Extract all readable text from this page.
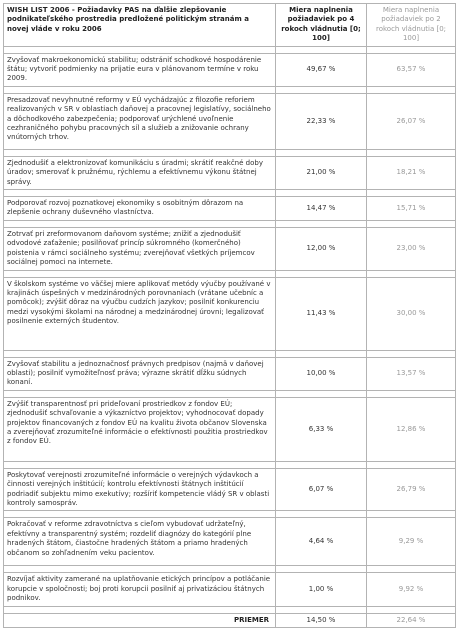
WISH LIST 2006 - Požiadavky PAS na ďalšie zlepšovanie podnikateľského prostredia predložené politickým stranám a novej vláde v roku 2006	Miera naplnenia požiadaviek po 4 rokoch vládnutia [0; 100]	Miera naplnenia požiadaviek po 2 rokoch vládnutia [0; 100]

Zvyšovať makroekonomickú stabilitu; odstrániť schodkové hospodárenie štátu; vytvoriť podmienky na prijatie eura v plánovanom termíne v roku 2009.	49,67 %	63,57 %

Presadzovať nevyhnutné reformy v EÚ vychádzajúc z filozofie reforiem realizovaných v SR v oblastiach daňovej a pracovnej legislatívy, sociálneho a dôchodkového zabezpečenia; podporovať urýchlené uvoľnenie cezhraničného pohybu pracovných síl a služieb a znižovanie ochrany vnútorných trhov.	22,33 %	26,07 %

Zjednodušiť a elektronizovať komunikáciu s úradmi; skrátiť reakčné doby úradov; smerovať k pružnému, rýchlemu a efektívnemu výkonu štátnej správy.	21,00 %	18,21 %

Podporovať rozvoj poznatkovej ekonomiky s osobitným dôrazom na zlepšenie ochrany duševného vlastníctva.	14,47 %	15,71 %

Zotrvať pri zreformovanom daňovom systéme; znížiť a zjednodušiť odvodové zaťaženie; posilňovať princíp súkromného (komerčného) poistenia v rámci sociálneho systému; zverejňovať všetkých príjemcov sociálnej pomoci na internete.	12,00 %	23,00 %

V školskom systéme vo väčšej miere aplikovať metódy výučby používané v krajinách úspešných v medzinárodných porovnaniach (vrátane učebníc a pomôcok); zvýšiť dôraz na výučbu cudzích jazykov; posilniť konkurenciu medzi vysokými školami na národnej a medzinárodnej úrovni; legalizovať posilnenie externých študentov.	11,43 %	30,00 %

Zvyšovať stabilitu a jednoznačnosť právnych predpisov (najmä v daňovej oblasti); posilniť vymožiteľnosť práva; výrazne skrátiť dĺžku súdnych konaní.	10,00 %	13,57 %

Zvýšiť transparentnosť pri prideľovaní prostriedkov z fondov EÚ; zjednodušiť schvaľovanie a výkazníctvo projektov; vyhodnocovať dopady projektov financovaných z fondov EÚ na kvalitu života občanov Slovenska a zverejňovať zrozumiteľné informácie o efektívnosti použitia prostriedkov z fondov EÚ.	6,33 %	12,86 %

Poskytovať verejnosti zrozumiteľné informácie o verejných výdavkoch a činnosti verejných inštitúcií; kontrolu efektívnosti štátnych inštitúcií podriadiť subjektu mimo exekutívy; rozšíriť kompetencie vládý SR v oblasti kontroly samospráv.	6,07 %	26,79 %

Pokračovať v reforme zdravotníctva s cieľom vybudovať udržateľný, efektívny a transparentný systém; rozdeliť diagnózy do kategórií plne hradených štátom, čiastočne hradených štátom a priamo hradených občanom so zohľadnením veku pacientov.	4,64 %	9,29 %

Rozvíjať aktivity zamerané na uplatňovanie etických princípov a potláčanie korupcie v spoločnosti; boj proti korupcii posilniť aj privatizáciou štátnych podnikov.	1,00 %	9,92 %

PRIEMER	14,50 %	22,64 %
